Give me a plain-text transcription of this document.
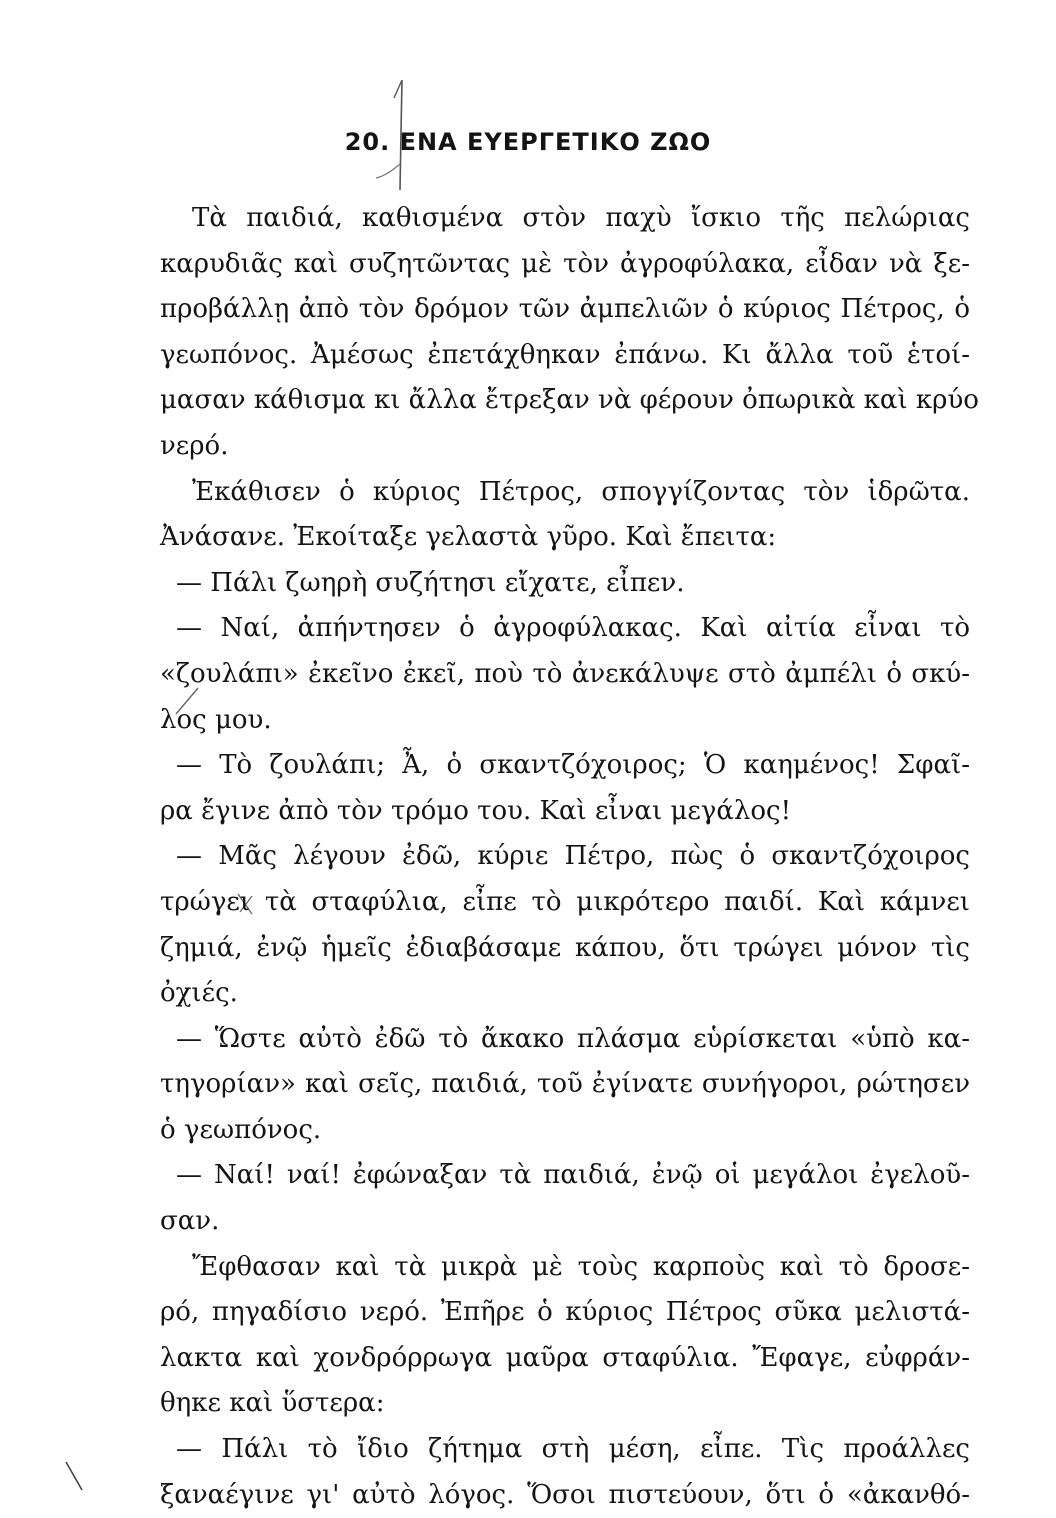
20. ΕΝΑ ΕΥΕΡΓΕΤΙΚΟ ΖΩΟ
Τὰ παιδιά, καθισμένα στὸν παχὺ ἴσκιο τῆς πελώριας
καρυδιᾶς καὶ συζητῶντας μὲ τὸν ἀγροφύλακα, εἶδαν νὰ ξε-
προβάλλῃ ἀπὸ τὸν δρόμον τῶν ἀμπελιῶν ὁ κύριος Πέτρος, ὁ
γεωπόνος. Ἀμέσως ἐπετάχθηκαν ἐπάνω. Κι ἄλλα τοῦ ἑτοί-
μασαν κάθισμα κι ἄλλα ἔτρεξαν νὰ φέρουν ὀπωρικὰ καὶ κρύο
νερό.
Ἐκάθισεν ὁ κύριος Πέτρος, σπογγίζοντας τὸν ἱδρῶτα.
Ἀνάσανε. Ἐκοίταξε γελαστὰ γῦρο. Καὶ ἔπειτα:
— Πάλι ζωηρὴ συζήτησι εἴχατε, εἶπεν.
— Ναί, ἀπήντησεν ὁ ἀγροφύλακας. Καὶ αἰτία εἶναι τὸ
«ζουλάπι» ἐκεῖνο ἐκεῖ, ποὺ τὸ ἀνεκάλυψε στὸ ἀμπέλι ὁ σκύ-
λος μου.
— Τὸ ζουλάπι; Ἆ, ὁ σκαντζόχοιρος; Ὁ καημένος! Σφαῖ-
ρα ἔγινε ἀπὸ τὸν τρόμο του. Καὶ εἶναι μεγάλος!
— Μᾶς λέγουν ἐδῶ, κύριε Πέτρο, πὼς ὁ σκαντζόχοιρος
τρώγει τὰ σταφύλια, εἶπε τὸ μικρότερο παιδί. Καὶ κάμνει
ζημιά, ἐνῷ ἡμεῖς ἐδιαβάσαμε κάπου, ὅτι τρώγει μόνον τὶς
ὀχιές.
— Ὥστε αὐτὸ ἐδῶ τὸ ἄκακο πλάσμα εὑρίσκεται «ὑπὸ κα-
τηγορίαν» καὶ σεῖς, παιδιά, τοῦ ἐγίνατε συνήγοροι, ρώτησεν
ὁ γεωπόνος.
— Ναί! ναί! ἐφώναξαν τὰ παιδιά, ἐνῷ οἱ μεγάλοι ἐγελοῦ-
σαν.
Ἔφθασαν καὶ τὰ μικρὰ μὲ τοὺς καρποὺς καὶ τὸ δροσε-
ρό, πηγαδίσιο νερό. Ἐπῆρε ὁ κύριος Πέτρος σῦκα μελιστά-
λακτα καὶ χονδρόρρωγα μαῦρα σταφύλια. Ἔφαγε, εὐφράν-
θηκε καὶ ὕστερα:
— Πάλι τὸ ἴδιο ζήτημα στὴ μέση, εἶπε. Τὶς προάλλες
ξαναέγινε γι' αὐτὸ λόγος. Ὅσοι πιστεύουν, ὅτι ὁ «ἀκανθό-
